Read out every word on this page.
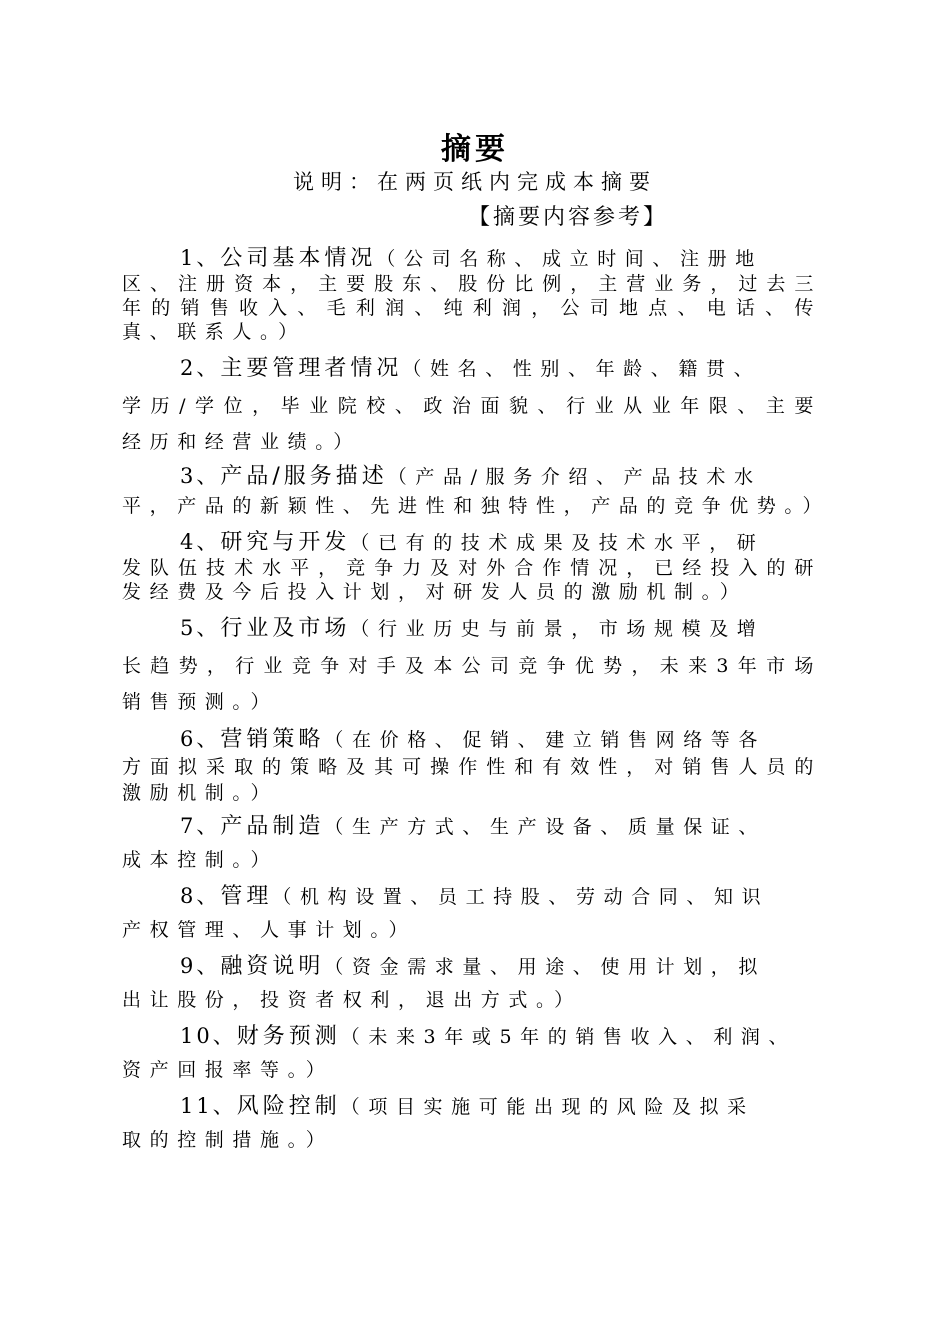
摘要

说明：在两页纸内完成本摘要

【摘要内容参考】

1、公司基本情况（公司名称、成立时间、注册地
区、注册资本，主要股东、股份比例，主营业务，过去三年的销售收入、毛利润、纯利润，公司地点、电话、传真、联系人。）

2、主要管理者情况（姓名、性别、年龄、籍贯、
学历/学位，毕业院校、政治面貌、行业从业年限、主要经历和经营业绩。）

3、产品/服务描述（产品/服务介绍、产品技术水
平，产品的新颖性、先进性和独特性，产品的竞争优势。）

4、研究与开发（已有的技术成果及技术水平，研
发队伍技术水平，竞争力及对外合作情况，已经投入的研发经费及今后投入计划，对研发人员的激励机制。）

5、行业及市场（行业历史与前景，市场规模及增
长趋势，行业竞争对手及本公司竞争优势，未来3年市场销售预测。）

6、营销策略（在价格、促销、建立销售网络等各
方面拟采取的策略及其可操作性和有效性，对销售人员的激励机制。）

7、产品制造（生产方式、生产设备、质量保证、
成本控制。）

8、管理（机构设置、员工持股、劳动合同、知识
产权管理、人事计划。）

9、融资说明（资金需求量、用途、使用计划，拟
出让股份，投资者权利，退出方式。）

10、财务预测（未来3年或5年的销售收入、利润、
资产回报率等。）

11、风险控制（项目实施可能出现的风险及拟采
取的控制措施。）
